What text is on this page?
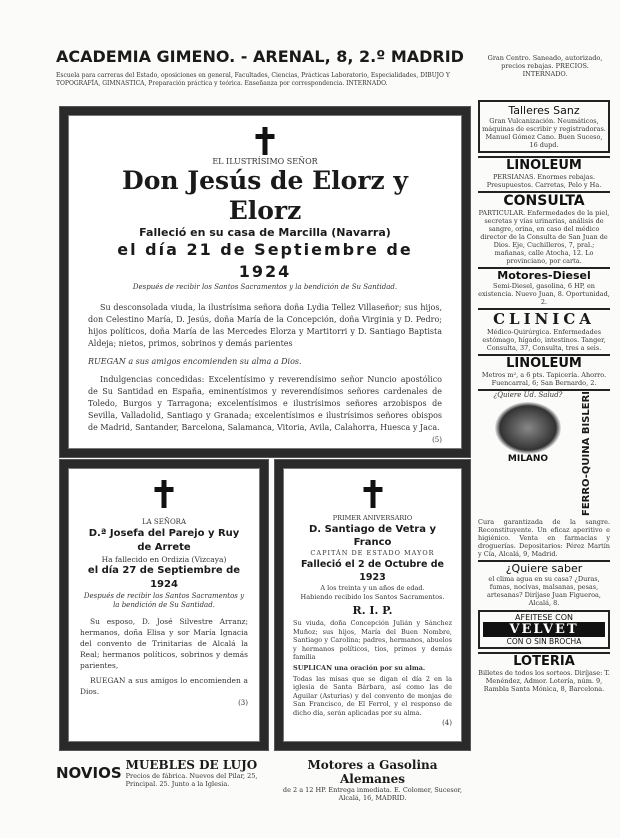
ACADEMIA GIMENO. - ARENAL, 8, 2.º MADRID
Escuela para carreras del Estado, oposiciones en general, Facultades, Ciencias, Prácticas Laboratorio, Especialidades, DIBUJO Y TOPOGRAFÍA, GIMNASTICA, Preparación práctica y teórica. Enseñanza por correspondencia. INTERNADO.
Gran Centro. Saneado, autorizado, precios rebajas. PRECIOS. INTERNADO.
EL ILUSTRÍSIMO SEÑOR
Don Jesús de Elorz y Elorz
Falleció en su casa de Marcilla (Navarra)
el día 21 de Septiembre de 1924
Después de recibir los Santos Sacramentos y la bendición de Su Santidad.

Su desconsolada viuda, la ilustrísima señora doña Lydia Tellez Villaseñor; sus hijos, don Celestino María, D. Jesús, doña María de la Concepción, doña Virginia y D. Pedro; hijos políticos, doña María de las Mercedes Elorza y Martitorri y D. Santiago Baptista Aldeja; nietos, primos, sobrinos y demás parientes

RUEGAN a sus amigos encomienden su alma a Dios.

Indulgencias concedidas: Excelentísimo y reverendísimo señor Nuncio apostólico de Su Santidad en España, eminentísimos y reverendísimos señores cardenales de Toledo, Burgos y Tarragona; excelentísimos e ilustrísimos señores arzobispos de Sevilla, Valladolid, Santiago y Granada; excelentísimos e ilustrísimos señores obispos de Madrid, Santander, Barcelona, Salamanca, Vitoria, Avila, Calahorra, Huesca y Jaca.

(5)
LA SEÑORA
D.ª Josefa del Parejo y Ruy de Arrete
Ha fallecido en Ordizia (Vizcaya)
el día 27 de Septiembre de 1924
Después de recibir los Santos Sacramentos y la bendición de Su Santidad.

Su esposo, D. José Silvestre Arranz; hermanos, doña Elisa y sor María Ignacia del convento de Trinitarias de Alcalá la Real; hermanos políticos, sobrinos y demás parientes,

RUEGAN a sus amigos lo encomienden a Dios.

(3)
PRIMER ANIVERSARIO
D. Santiago de Vetra y Franco
CAPITÁN DE ESTADO MAYOR
Falleció el 2 de Octubre de 1923
A los treinta y un años de edad.
Habiendo recibido los Santos Sacramentos.
R. I. P.

Su viuda, doña Concepción Julián y Sánchez Muñoz; sus hijos, María del Buen Nombre, Santiago y Carolina; padres, hermanos, abuelos y hermanos políticos, tíos, primos y demás familia

SUPLICAN una oración por su alma.

Todas las misas que se digan el día 2 en la iglesia de Santa Bárbara, así como las de Aguilar (Asturias) y del convento de monjas de San Francisco, de El Ferrol, y el responso de dicho día, serán aplicadas por su alma.

(4)
NOVIOS MUEBLES DE LUJO
Precios de fábrica. Nuevos del Pilar, 25, Principal. 25. Junto a la Iglesia.
Motores a Gasolina Alemanes
de 2 a 12 HP. Entrega inmediata. E. Colomer, Sucesor, Alcalá, 16, MADRID.
Talleres Sanz
Gran Vulcanización. Neumáticos, máquinas de escribir y registradoras. Manuel Gómez Cano. Buen Suceso, 16 dupd.
LINOLEUM
PERSIANAS. Enormes rebajas. Presupuestos. Carretas, Pelo y Ha.
CONSULTA
PARTICULAR. Enfermedades de la piel, secretas y vías urinarias, análisis de sangre, orina, en caso del médico director de la Consulta de San Juan de Dios. Eje, Cuchilleros, 7, pral.; mañanas, calle Atocha, 12. Lo provinciano, por carta.
Motores-Diesel
Semi-Diesel, gasolina, 6 HP, en existencia. Nuevo Juan, 8. Oportunidad, 2.
CLINICA
Médico-Quirúrgica. Enfermedades estómago, hígado, intestinos. Tanger, Consulta, 37, Consulta, tres a seis.
LINOLEUM
Metros m², a 6 pts. Tapicería. Ahorro. Fuencarral, 6; San Bernardo, 2.
¿Quiere Ud. Salud?
MILANO	FERRO-QUINA BISLERI
Cura garantizada de la sangre. Reconstituyente. Un eficaz aperitivo e higiénico. Venta en farmacias y droguerías. Depositarios: Pérez Martín y Cía, Alcalá, 9, Madrid.
¿Quiere saber
el clima agua en su casa? ¿Duras, fumas, nocivas, malsanas, pesas, artesanas? Diríjase Juan Figueroa, Alcalá, 8.
AFEITESE CON
VELVET
CON O SIN BROCHA
LOTERIA
Billetes de todos los sorteos. Diríjase: T. Menéndez, Admor. Lotería, núm. 9, Rambla Santa Mónica, 8, Barcelona.
